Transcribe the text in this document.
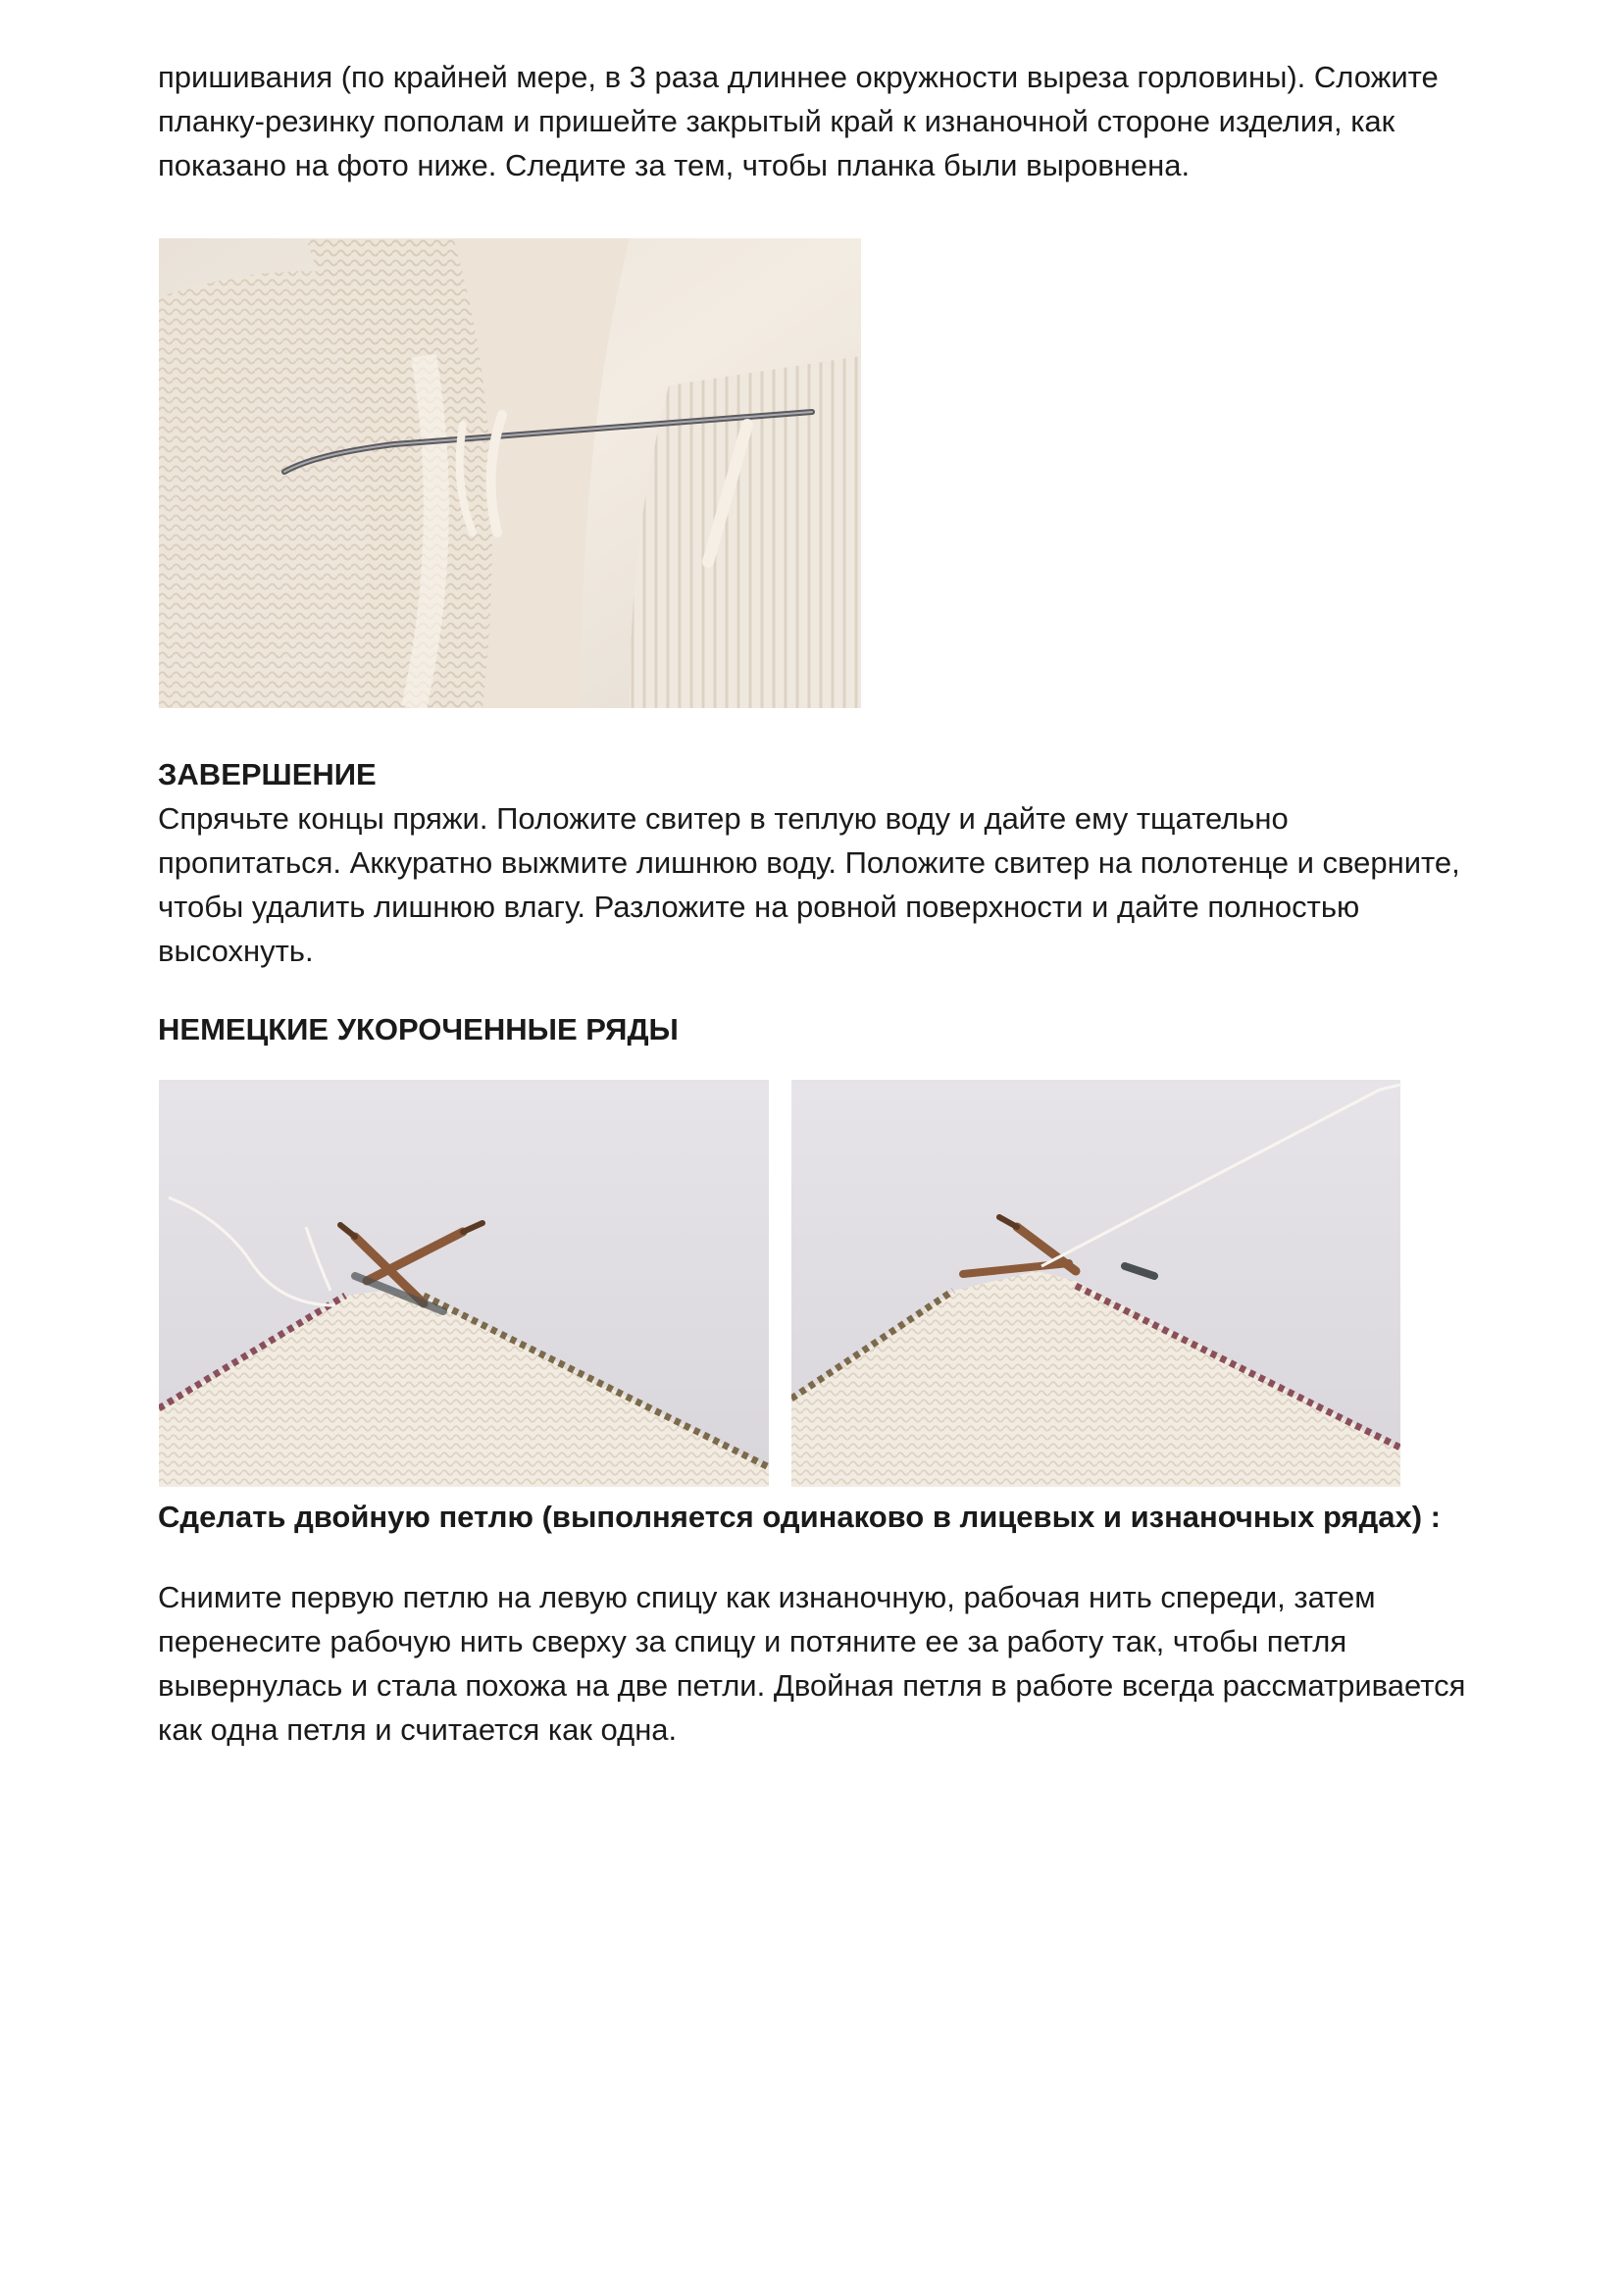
пришивания (по крайней мере, в 3 раза длиннее окружности выреза горловины). Сложите планку-резинку пополам и пришейте закрытый край к изнаночной стороне изделия, как показано на фото ниже. Следите за тем, чтобы планка были выровнена.

ЗАВЕРШЕНИЕ

Спрячьте концы пряжи. Положите свитер в теплую воду и дайте ему тщательно пропитаться. Аккуратно выжмите лишнюю воду. Положите свитер на полотенце и сверните, чтобы удалить лишнюю влагу. Разложите на ровной поверхности и дайте полностью высохнуть.

НЕМЕЦКИЕ УКОРОЧЕННЫЕ РЯДЫ

Сделать двойную петлю (выполняется одинаково в лицевых и изнаночных рядах) :

Снимите первую петлю на левую спицу как изнаночную, рабочая нить спереди, затем перенесите рабочую нить сверху за спицу и потяните ее за работу так, чтобы петля вывернулась и стала похожа на две петли. Двойная петля в работе всегда рассматривается как одна петля и считается как одна.
